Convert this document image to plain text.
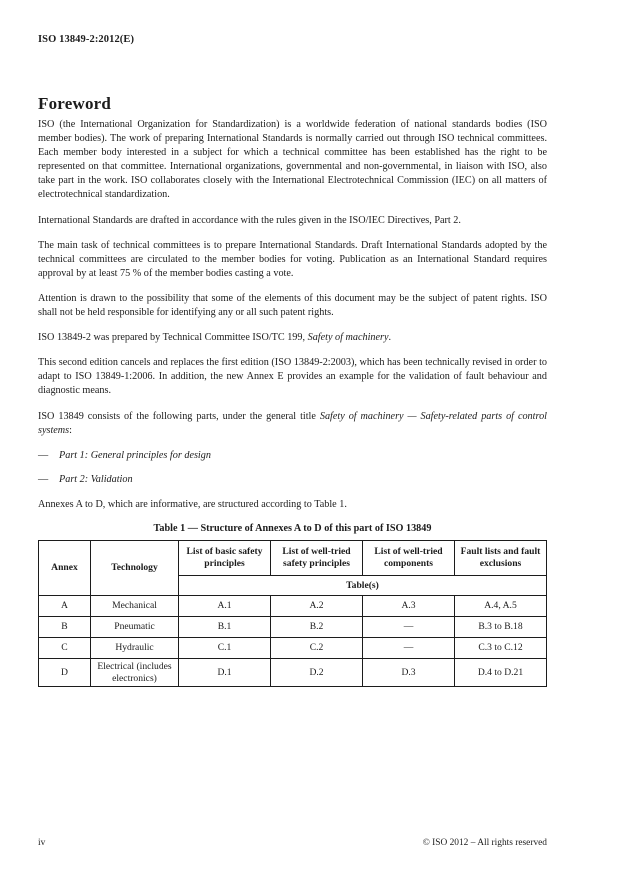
ISO 13849-2:2012(E)
Foreword

ISO (the International Organization for Standardization) is a worldwide federation of national standards bodies (ISO member bodies). The work of preparing International Standards is normally carried out through ISO technical committees. Each member body interested in a subject for which a technical committee has been established has the right to be represented on that committee. International organizations, governmental and non-governmental, in liaison with ISO, also take part in the work. ISO collaborates closely with the International Electrotechnical Commission (IEC) on all matters of electrotechnical standardization.

International Standards are drafted in accordance with the rules given in the ISO/IEC Directives, Part 2.

The main task of technical committees is to prepare International Standards. Draft International Standards adopted by the technical committees are circulated to the member bodies for voting. Publication as an International Standard requires approval by at least 75 % of the member bodies casting a vote.

Attention is drawn to the possibility that some of the elements of this document may be the subject of patent rights. ISO shall not be held responsible for identifying any or all such patent rights.

ISO 13849-2 was prepared by Technical Committee ISO/TC 199, Safety of machinery.

This second edition cancels and replaces the first edition (ISO 13849-2:2003), which has been technically revised in order to adapt to ISO 13849-1:2006. In addition, the new Annex E provides an example for the validation of fault behaviour and diagnostic means.

ISO 13849 consists of the following parts, under the general title Safety of machinery — Safety-related parts of control systems:

— Part 1: General principles for design
— Part 2: Validation

Annexes A to D, which are informative, are structured according to Table 1.

Table 1 — Structure of Annexes A to D of this part of ISO 13849
Annex	Technology	List of basic safety principles	List of well-tried safety principles	List of well-tried components	Fault lists and fault exclusions
		Table(s)			
A	Mechanical	A.1	A.2	A.3	A.4, A.5
B	Pneumatic	B.1	B.2	—	B.3 to B.18
C	Hydraulic	C.1	C.2	—	C.3 to C.12
D	Electrical (includes electronics)	D.1	D.2	D.3	D.4 to D.21
iv	© ISO 2012 – All rights reserved
